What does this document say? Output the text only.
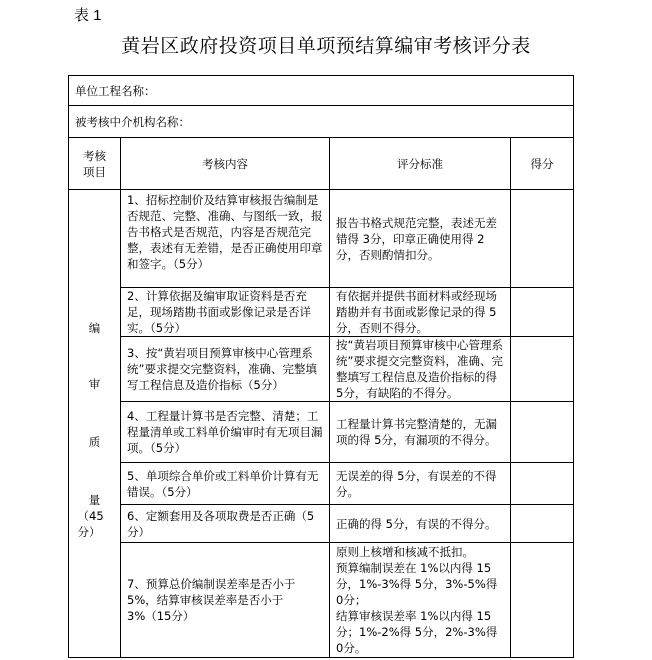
表 1
黄岩区政府投资项目单项预结算编审考核评分表
单位工程名称：			
被考核中介机构名称：			
考核项目	考核内容	评分标准	得分

编
审
质
量
（45分）	1、招标控制价及结算审核报告编制是否规范、完整、准确、与图纸一致，报告书格式是否规范，内容是否规范完整，表述有无差错，是否正确使用印章和签字。（5分）	报告书格式规范完整，表述无差错得 3分，印章正确使用得 2分，否则酌情扣分。	
	2、计算依据及编审取证资料是否充足，现场踏勘书面或影像记录是否详实。（5分）	有依据并提供书面材料或经现场踏勘并有书面或影像记录的得 5分，否则不得分。	
	3、按“黄岩项目预算审核中心管理系统”要求提交完整资料，准确、完整填写工程信息及造价指标（5分）	按“黄岩项目预算审核中心管理系统”要求提交完整资料，准确、完整填写工程信息及造价指标的得 5分，有缺陷的不得分。	
	4、工程量计算书是否完整、清楚；工程量清单或工料单价编审时有无项目漏项。（5分）	工程量计算书完整清楚的，无漏项的得 5分，有漏项的不得分。	
	5、单项综合单价或工料单价计算有无错误。（5分）	无误差的得 5分，有误差的不得分。	
	6、定额套用及各项取费是否正确（5分）	正确的得 5分，有误的不得分。	
	7、预算总价编制误差率是否小于5%，结算审核误差率是否小于 3%（15分）	原则上核增和核减不抵扣。
预算编制误差在 1%以内得 15分，1%-3%得 5分，3%-5%得 0分；
结算审核误差率 1%以内得 15分；1%-2%得 5分，2%-3%得 0分。	
